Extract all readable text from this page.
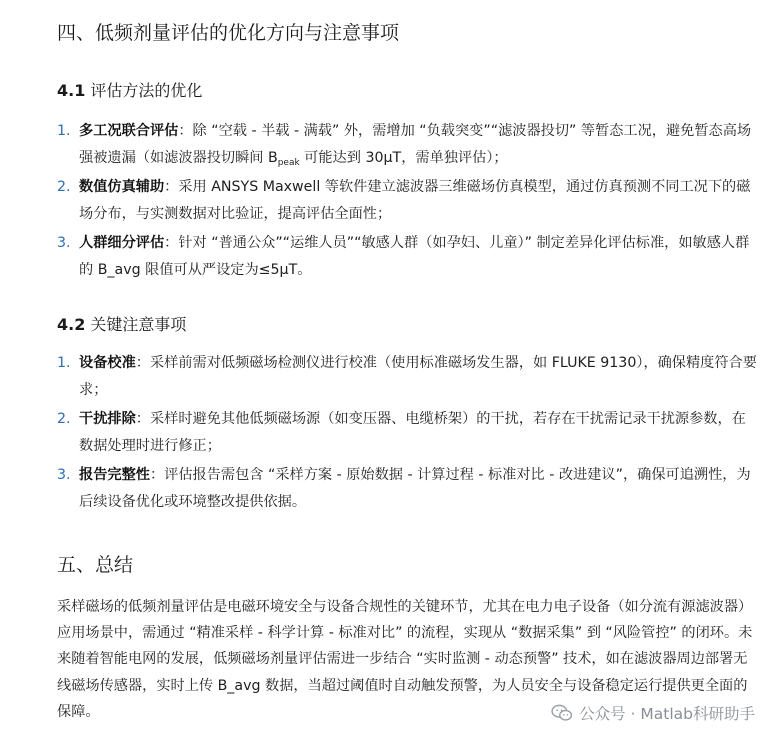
四、低频剂量评估的优化方向与注意事项
4.1 评估方法的优化
1. 多工况联合评估：除 “空载 - 半载 - 满载” 外，需增加 “负载突变”“滤波器投切” 等暂态工况，避免暂态高场强被遗漏（如滤波器投切瞬间 $B_{peak}$ 可能达到 30μT，需单独评估）；
2. 数值仿真辅助：采用 ANSYS Maxwell 等软件建立滤波器三维磁场仿真模型，通过仿真预测不同工况下的磁场分布，与实测数据对比验证，提高评估全面性；
3. 人群细分评估：针对 “普通公众”“运维人员”“敏感人群（如孕妇、儿童）” 制定差异化评估标准，如敏感人群的 B_avg 限值可从严设定为≤5μT。
4.2 关键注意事项
1. 设备校准：采样前需对低频磁场检测仪进行校准（使用标准磁场发生器，如 FLUKE 9130），确保精度符合要求；
2. 干扰排除：采样时避免其他低频磁场源（如变压器、电缆桥架）的干扰，若存在干扰需记录干扰源参数，在数据处理时进行修正；
3. 报告完整性：评估报告需包含 “采样方案 - 原始数据 - 计算过程 - 标准对比 - 改进建议”，确保可追溯性，为后续设备优化或环境整改提供依据。
五、总结

采样磁场的低频剂量评估是电磁环境安全与设备合规性的关键环节，尤其在电力电子设备（如分流有源滤波器）应用场景中，需通过 “精准采样 - 科学计算 - 标准对比” 的流程，实现从 “数据采集” 到 “风险管控” 的闭环。未来随着智能电网的发展，低频磁场剂量评估需进一步结合 “实时监测 - 动态预警” 技术，如在滤波器周边部署无线磁场传感器，实时上传 B_avg 数据，当超过阈值时自动触发预警，为人员安全与设备稳定运行提供更全面的保障。	公众号 · Matlab科研助手
